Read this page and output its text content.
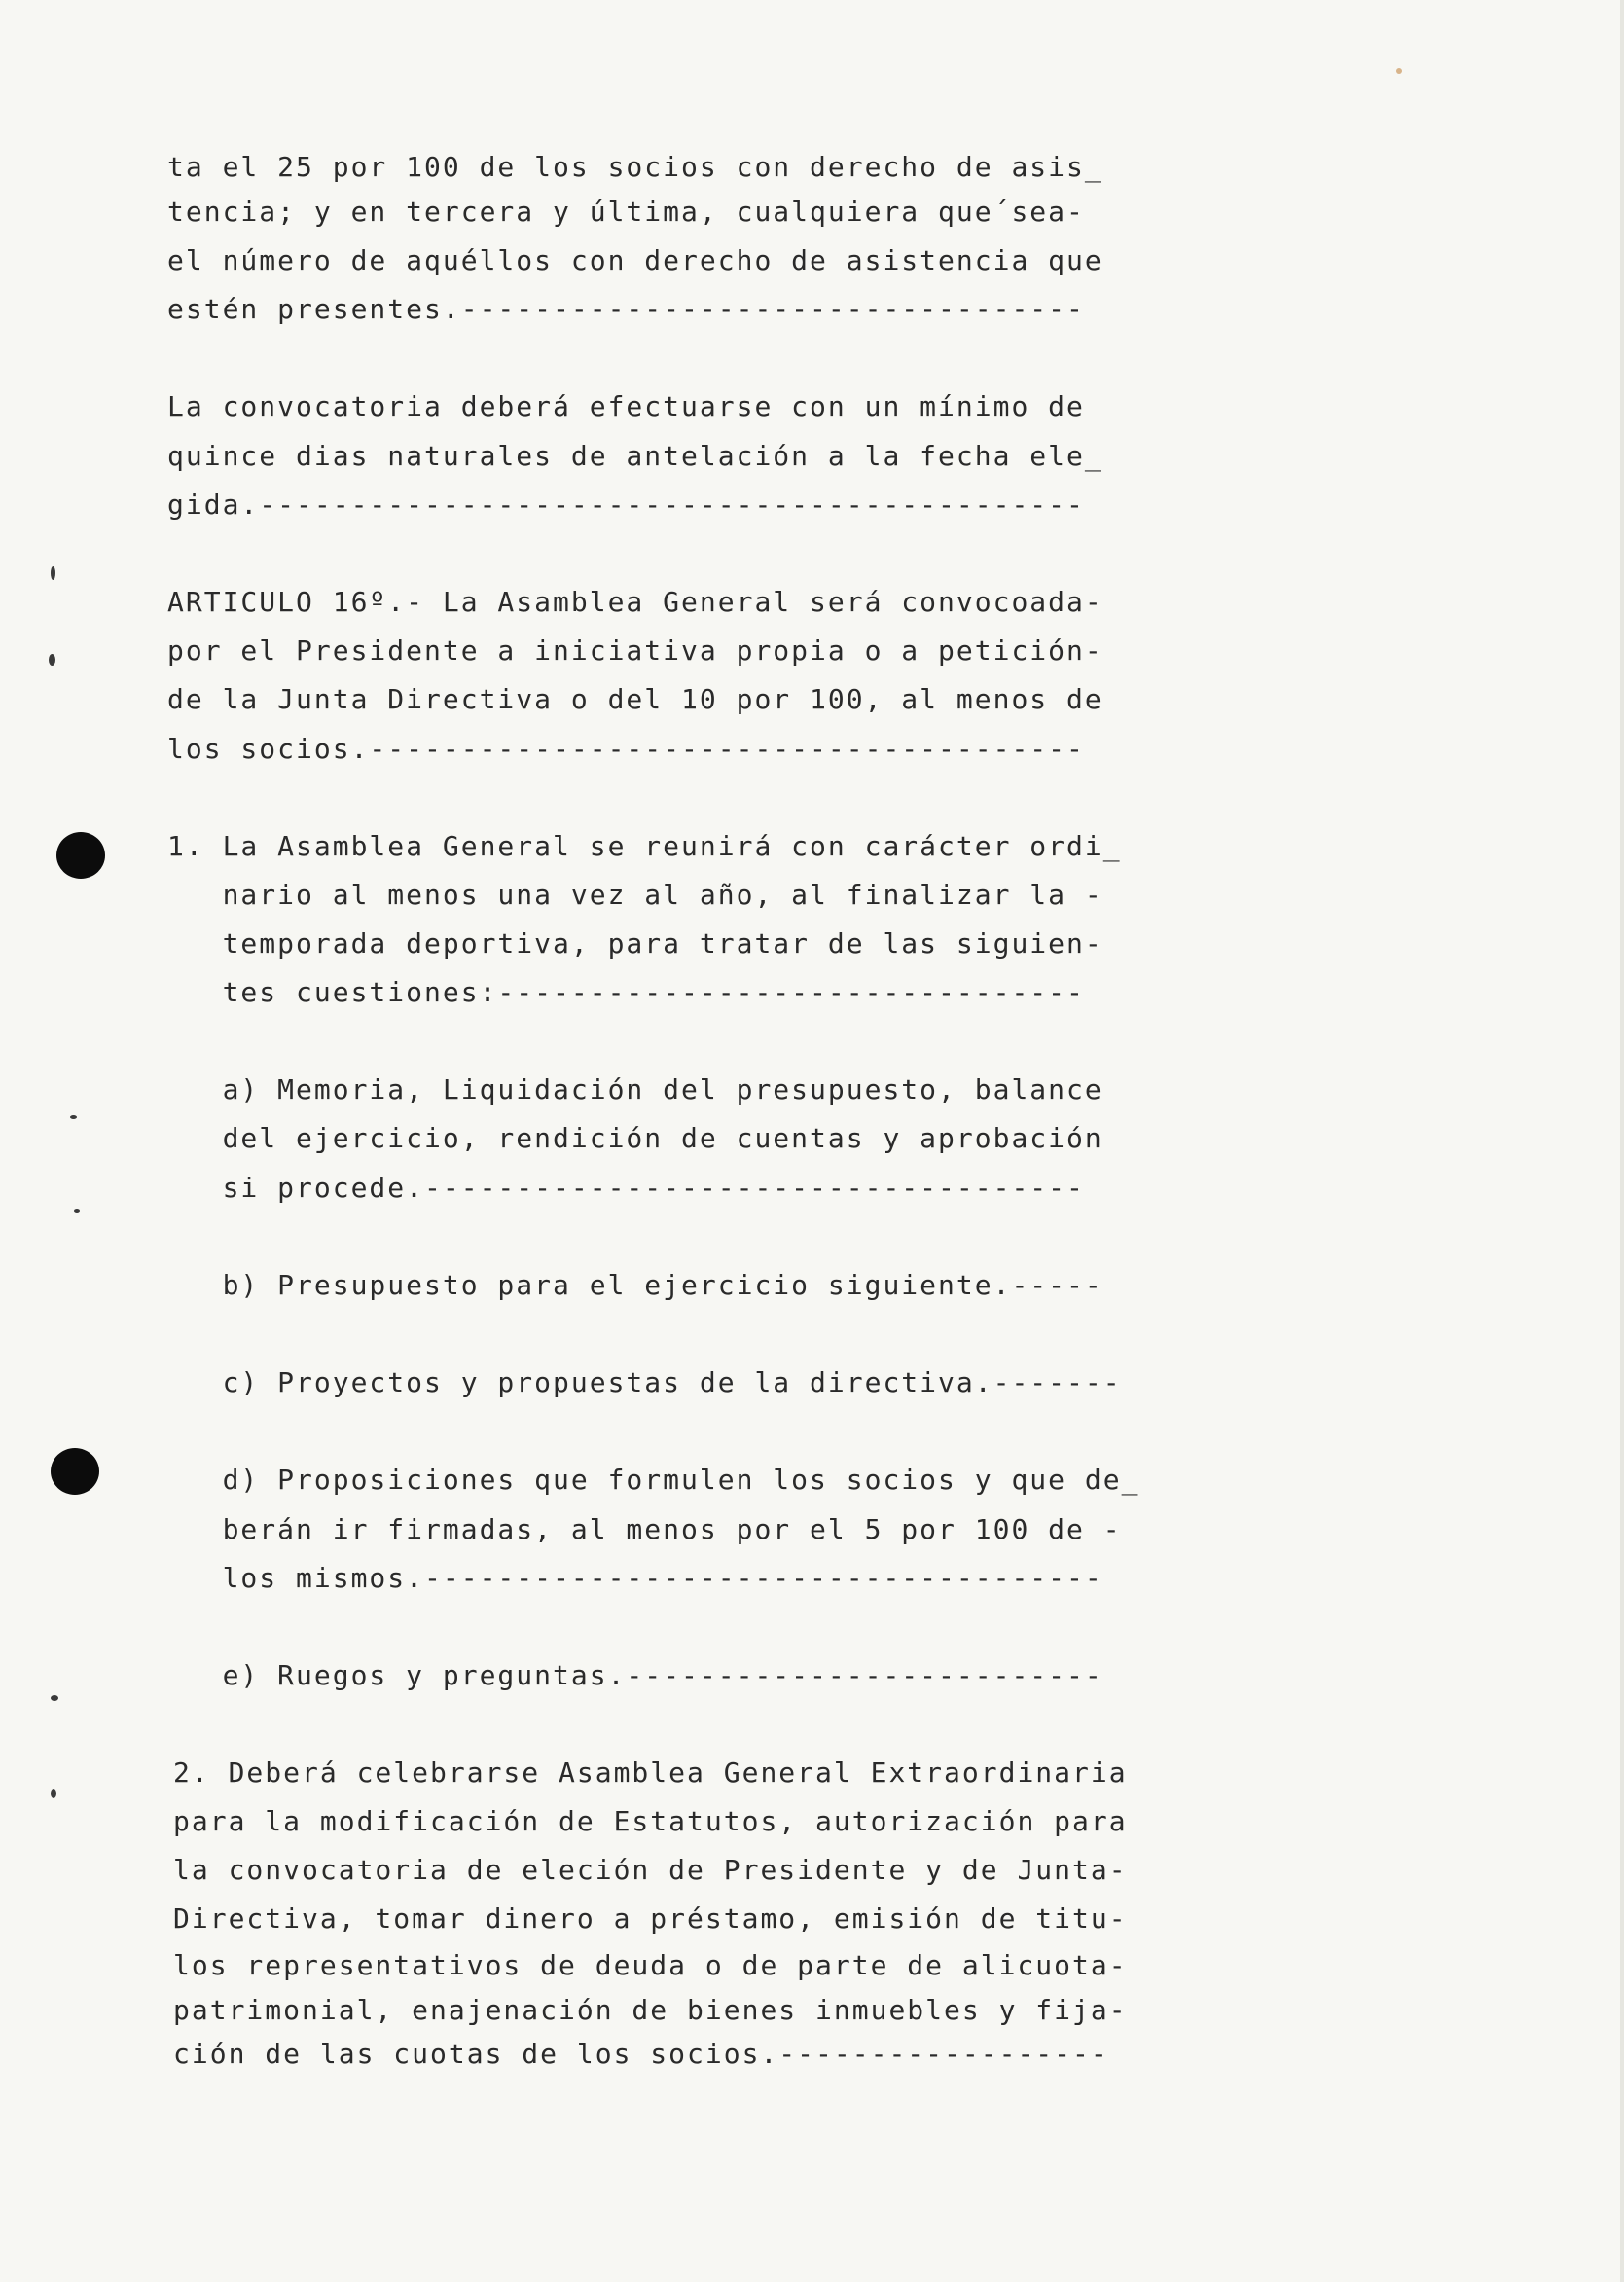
ta el 25 por 100 de los socios con derecho de asis_
tencia; y en tercera y última, cualquiera que´sea-
el número de aquéllos con derecho de asistencia que
estén presentes.----------------------------------
La convocatoria deberá efectuarse con un mínimo de
quince dias naturales de antelación a la fecha ele_
gida.---------------------------------------------
ARTICULO 16º.- La Asamblea General será convocoada-
por el Presidente a iniciativa propia o a petición-
de la Junta Directiva o del 10 por 100, al menos de
los socios.---------------------------------------
1. La Asamblea General se reunirá con carácter ordi_
nario al menos una vez al año, al finalizar la -
temporada deportiva, para tratar de las siguien-
tes cuestiones:--------------------------------
a) Memoria, Liquidación del presupuesto, balance
del ejercicio, rendición de cuentas y aprobación
si procede.------------------------------------
b) Presupuesto para el ejercicio siguiente.-----
c) Proyectos y propuestas de la directiva.-------
d) Proposiciones que formulen los socios y que de_
berán ir firmadas, al menos por el 5 por 100 de -
los mismos.-------------------------------------
e) Ruegos y preguntas.--------------------------
2. Deberá celebrarse Asamblea General Extraordinaria
para la modificación de Estatutos, autorización para
la convocatoria de eleción de Presidente y de Junta-
Directiva, tomar dinero a préstamo, emisión de titu-
los representativos de deuda o de parte de alicuota-
patrimonial, enajenación de bienes inmuebles y fija-
ción de las cuotas de los socios.------------------
